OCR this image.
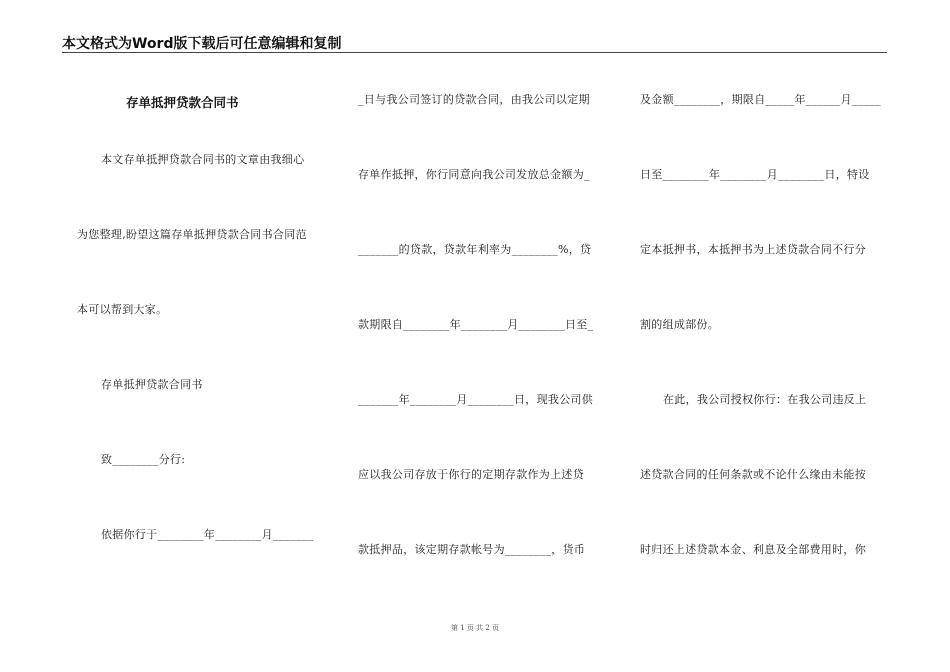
本文格式为Word版下载后可任意编辑和复制
存单抵押贷款合同书
本文存单抵押贷款合同书的文章由我细心
为您整理,盼望这篇存单抵押贷款合同书合同范
本可以帮到大家。
存单抵押贷款合同书
致________分行:
依据你行于________年________月_______
_日与我公司签订的贷款合同，由我公司以定期
存单作抵押，你行同意向我公司发放总金额为_
_______的贷款，贷款年利率为________%，贷
款期限自________年________月________日至_
_______年________月________日，现我公司供
应以我公司存放于你行的定期存款作为上述贷
款抵押品，该定期存款帐号为________，货币
及金额________，期限自_____年______月_____
日至________年________月________日，特设
定本抵押书，本抵押书为上述贷款合同不行分
割的组成部份。
在此，我公司授权你行：在我公司违反上
述贷款合同的任何条款或不论什么缘由未能按
时归还上述贷款本金、利息及全部费用时，你
第 1 页 共 2 页
